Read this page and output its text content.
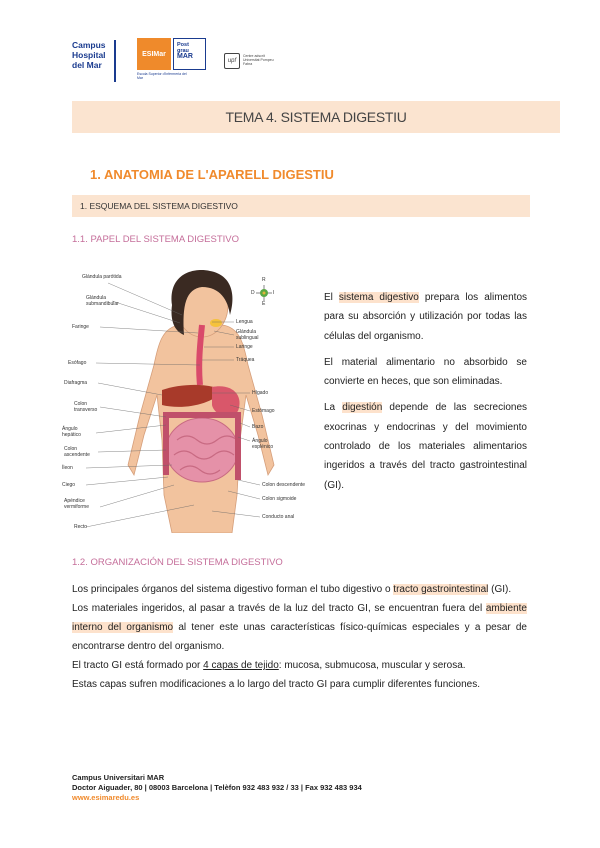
Campus
Hospital
del Mar
ESIMar
Escola Superior d'Infermeria del Mar
Post
grau
MAR
upf
Centre adscrit Universitat Pompeu Fabra
TEMA 4. SISTEMA DIGESTIU
1. ANATOMIA DE L'APARELL DIGESTIU
1. ESQUEMA DEL SISTEMA DIGESTIVO
1.1. PAPEL DEL SISTEMA DIGESTIVO
Glándula parótida
Glándula submandibular
Faringe
Esófago
Diafragma
Colon transverso
Ángulo hepático
Colon ascendente
Íleon
Ciego
Apéndice vermiforme
Recto
Lengua
Glándula sublingual
Laringe
Tráquea
Hígado
Estómago
Bazo
Ángulo esplénico
Colon descendente
Colon sigmoide
Conducto anal
R
D	I
E

El sistema digestivo prepara los alimentos para su absorción y utilización por todas las células del organismo.

El material alimentario no absorbido se convierte en heces, que son eliminadas.

La digestión depende de las secreciones exocrinas y endocrinas y del movimiento controlado de los materiales alimentarios ingeridos a través del tracto gastrointestinal (GI).

1.2. ORGANIZACIÓN DEL SISTEMA DIGESTIVO
Los principales órganos del sistema digestivo forman el tubo digestivo o tracto gastrointestinal (GI).
Los materiales ingeridos, al pasar a través de la luz del tracto GI, se encuentran fuera del ambiente interno del organismo al tener este unas características físico-químicas especiales y a pesar de encontrarse dentro del organismo.
El tracto GI está formado por 4 capas de tejido: mucosa, submucosa, muscular y serosa.
Estas capas sufren modificaciones a lo largo del tracto GI para cumplir diferentes funciones.
Campus Universitari MAR
Doctor Aiguader, 80 | 08003 Barcelona | Telèfon 932 483 932 / 33 | Fax 932 483 934
www.esimaredu.es
